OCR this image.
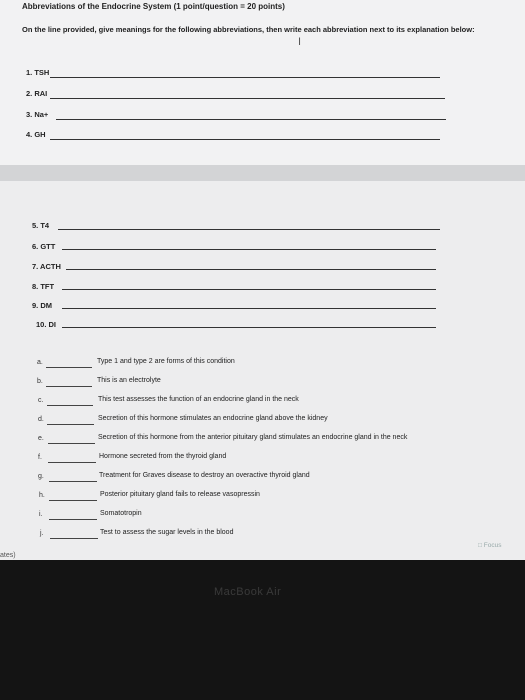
Abbreviations of the Endocrine System (1 point/question = 20 points)
On the line provided, give meanings for the following abbreviations, then write each abbreviation next to its explanation below:
I
1. TSH
2. RAI
3. Na+
4. GH
5. T4
6. GTT
7. ACTH
8. TFT
9. DM
10. DI
a.	Type 1 and type 2 are forms of this condition
b.	This is an electrolyte
c.	This test assesses the function of an endocrine gland in the neck
d.	Secretion of this hormone stimulates an endocrine gland above the kidney
e.	Secretion of this hormone from the anterior pituitary gland stimulates an endocrine gland in the neck
f.	Hormone secreted from the thyroid gland
g.	Treatment for Graves disease to destroy an overactive thyroid gland
h.	Posterior pituitary gland fails to release vasopressin
i.	Somatotropin
j.	Test to assess the sugar levels in the blood
ates)
□ Focus
MacBook Air
